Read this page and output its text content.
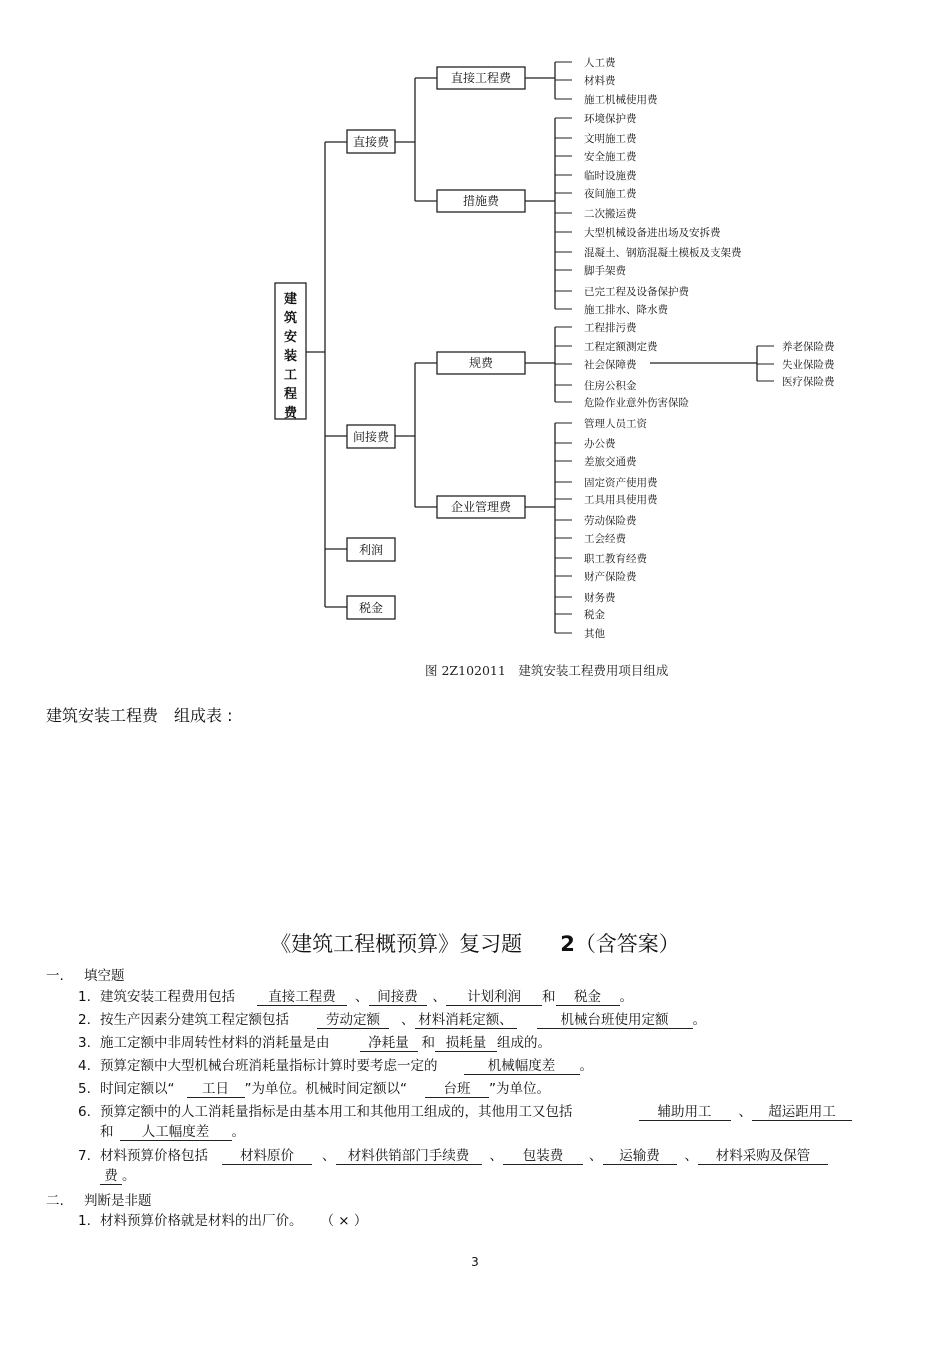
人工费
材料费
施工机械使用费
环境保护费
文明施工费
安全施工费
临时设施费
夜间施工费
二次搬运费
大型机械设备进出场及安拆费
混凝土、钢筋混凝土模板及支架费
脚手架费
已完工程及设备保护费
施工排水、降水费
工程排污费
工程定额测定费
社会保障费
住房公积金
危险作业意外伤害保险
管理人员工资
办公费
差旅交通费
固定资产使用费
工具用具使用费
劳动保险费
工会经费
职工教育经费
财产保险费
财务费
税金
其他
养老保险费
失业保险费
医疗保险费
建
筑
安
装
工
程
费
直接费
间接费
利润
税金
直接工程费
措施费
规费
企业管理费
图 2Z102011　建筑安装工程费用项目组成
建筑安装工程费　组成表 :
《建筑工程概预算》复习题 2（含答案）
一. 填空题
1. 建筑安装工程费用包括 直接工程费 、 间接费 、 计划利润 和 税金 。
2. 按生产因素分建筑工程定额包括	劳动定额 、 材料消耗定额、	机械台班使用定额 。
3. 施工定额中非周转性材料的消耗量是由	净耗量 和 损耗量 组成的。
4. 预算定额中大型机械台班消耗量指标计算时要考虑一定的	机械幅度差 。
5. 时间定额以“ 工日 ”为单位。机械时间定额以“	台班 ”为单位。
6. 预算定额中的人工消耗量指标是由基本用工和其他用工组成的，其他用工又包括	辅助用工 、 超运距用工
和 人工幅度差 。
7. 材料预算价格包括 材料原价 、 材料供销部门手续费 、 包装费 、 运输费 、 材料采购及保管
费 。
二. 判断是非题
1. 材料预算价格就是材料的出厂价。 （ × ）
3
